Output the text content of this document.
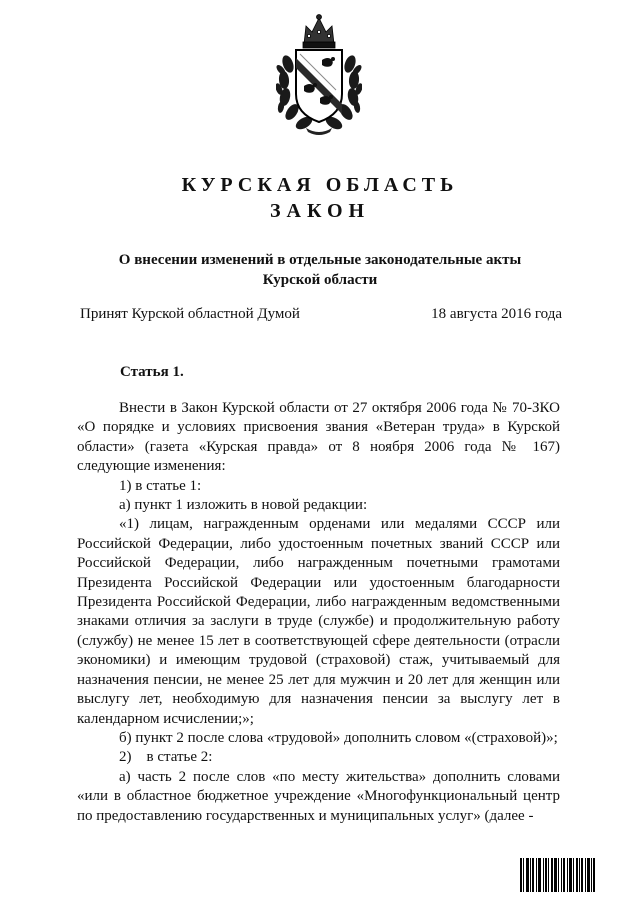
КУРСКАЯ ОБЛАСТЬ
ЗАКОН
О внесении изменений в отдельные законодательные акты
Курской области
Принят Курской областной Думой	18 августа 2016 года
Статья 1.

Внести в Закон Курской области от 27 октября 2006 года № 70-ЗКО «О порядке и условиях присвоения звания «Ветеран труда» в Курской области» (газета «Курская правда» от 8 ноября 2006 года № 167) следующие изменения:

1) в статье 1:

а) пункт 1 изложить в новой редакции:

«1) лицам, награжденным орденами или медалями СССР или Российской Федерации, либо удостоенным почетных званий СССР или Российской Федерации, либо награжденным почетными грамотами Президента Российской Федерации или удостоенным благодарности Президента Российской Федерации, либо награжденным ведомственными знаками отличия за заслуги в труде (службе) и продолжительную работу (службу) не менее 15 лет в соответствующей сфере деятельности (отрасли экономики) и имеющим трудовой (страховой) стаж, учитываемый для назначения пенсии, не менее 25 лет для мужчин и 20 лет для женщин или выслугу лет, необходимую для назначения пенсии за выслугу лет в календарном исчислении;»;

б) пункт 2 после слова «трудовой» дополнить словом «(страховой)»;

2)    в статье 2:

а) часть 2 после слов «по месту жительства» дополнить словами «или в областное бюджетное учреждение «Многофункциональный центр по предоставлению государственных и муниципальных услуг» (далее -
